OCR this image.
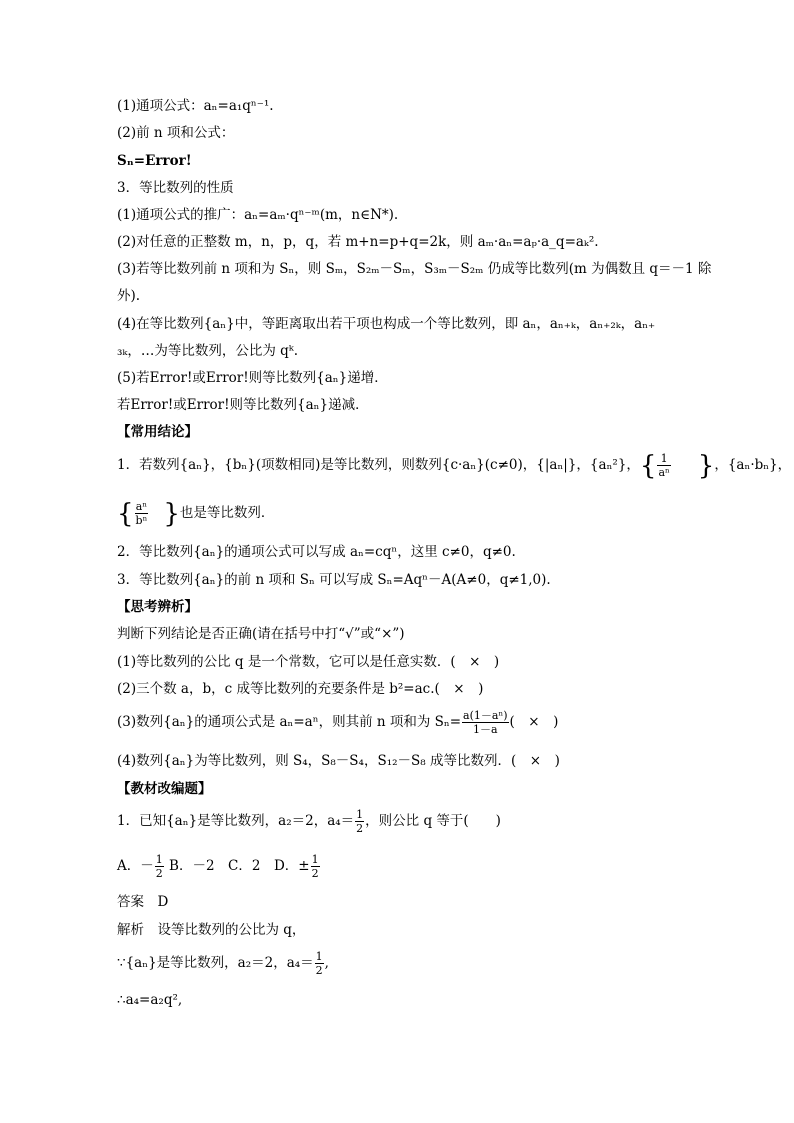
(1)通项公式：aₙ=a₁qⁿ⁻¹.
(2)前 n 项和公式：
Sₙ=Error!
3．等比数列的性质
(1)通项公式的推广：aₙ=aₘ·qⁿ⁻ᵐ(m，n∈N*).
(2)对任意的正整数 m，n，p，q，若 m+n=p+q=2k，则 aₘ·aₙ=aₚ·a_q=aₖ².
(3)若等比数列前 n 项和为 Sₙ，则 Sₘ，S₂ₘ－Sₘ，S₃ₘ－S₂ₘ 仍成等比数列(m 为偶数且 q＝－1 除
外).
(4)在等比数列{aₙ}中，等距离取出若干项也构成一个等比数列，即 aₙ，aₙ₊ₖ，aₙ₊₂ₖ，aₙ₊
₃ₖ，…为等比数列，公比为 qᵏ.
(5)若Error!或Error!则等比数列{aₙ}递增．
若Error!或Error!则等比数列{aₙ}递减．
【常用结论】
1．若数列{aₙ}，{bₙ}(项数相同)是等比数列，则数列{c·aₙ}(c≠0)，{|aₙ|}，{aₙ²}，{ $\frac{1}{\text{aⁿ}}$ }，{aₙ·bₙ}，
{ $\frac{\text{aⁿ}}{\text{bⁿ}}$ }也是等比数列．
2．等比数列{aₙ}的通项公式可以写成 aₙ=cqⁿ，这里 c≠0，q≠0.
3．等比数列{aₙ}的前 n 项和 Sₙ 可以写成 Sₙ=Aqⁿ－A(A≠0，q≠1,0).
【思考辨析】
判断下列结论是否正确(请在括号中打“√”或“×”)
(1)等比数列的公比 q 是一个常数，它可以是任意实数．(　×　)
(2)三个数 a，b，c 成等比数列的充要条件是 b²=ac.(　×　)
(3)数列{aₙ}的通项公式是 aₙ=aⁿ，则其前 n 项和为 $S_n= \frac{\text{a(1－aⁿ)}}{1-a}$ (　×　)
(4)数列{aₙ}为等比数列，则 S₄，S₈－S₄，S₁₂－S₈ 成等比数列．(　×　)
【教材改编题】
1．已知{aₙ}是等比数列，a₂＝2，$a_4= \frac{1}{2}$ ，则公比 q 等于(　　)
A．－ $\frac{1}{2}$ B．－2　C．2　D．± $\frac{1}{2}$
答案　D
解析　设等比数列的公比为 q，
∵{aₙ}是等比数列，a₂＝2，$a_4= \frac{1}{2}$ ,
∴a₄=a₂q²,
